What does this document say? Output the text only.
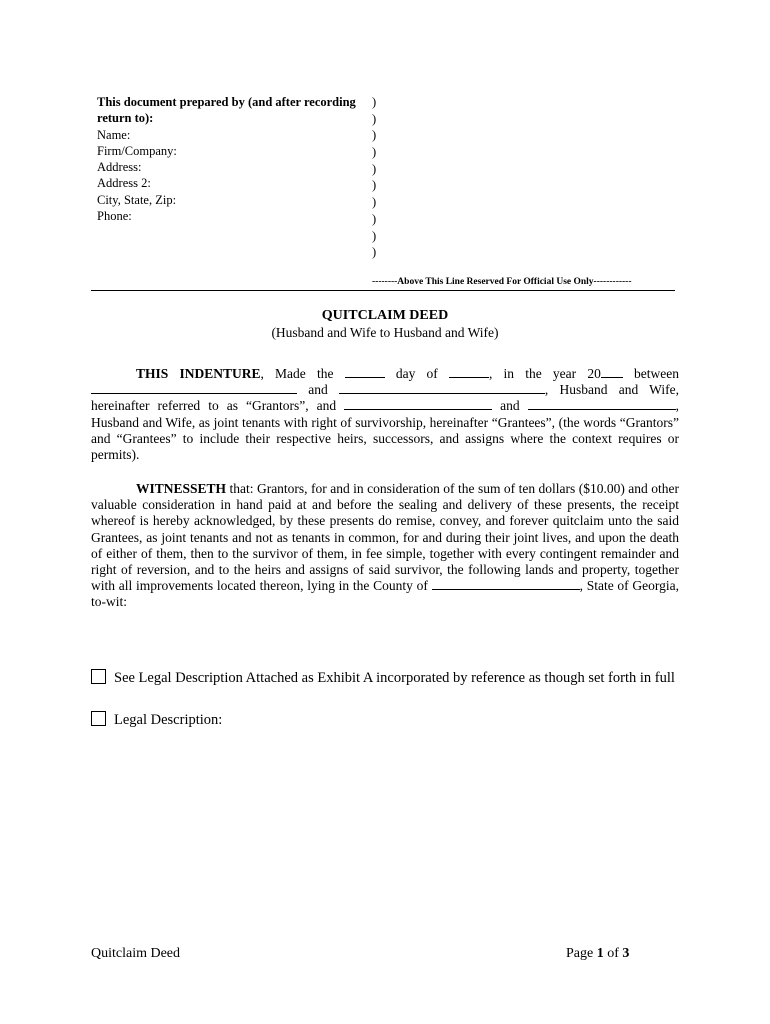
This document prepared by (and after recording
return to):
Name:
Firm/Company:
Address:
Address 2:
City, State, Zip:
Phone:
)
)
)
)
)
)
)
)
)
)
--------Above This Line Reserved For Official Use Only------------
QUITCLAIM DEED
(Husband and Wife to Husband and Wife)
THIS INDENTURE, Made the	day of	, in the year 20 between  and	, Husband and Wife, hereinafter referred to as “Grantors”, and	and	, Husband and Wife, as joint tenants with right of survivorship, hereinafter “Grantees”, (the words “Grantors” and “Grantees” to include their respective heirs, successors, and assigns where the context requires or permits).
WITNESSETH that: Grantors, for and in consideration of the sum of ten dollars ($10.00) and other valuable consideration in hand paid at and before the sealing and delivery of these presents, the receipt whereof is hereby acknowledged, by these presents do remise, convey, and forever quitclaim unto the said Grantees, as joint tenants and not as tenants in common, for and during their joint lives, and upon the death of either of them, then to the survivor of them, in fee simple, together with every contingent remainder and right of reversion, and to the heirs and assigns of said survivor, the following lands and property, together with all improvements located thereon, lying in the County of	, State of Georgia, to-wit:
See Legal Description Attached as Exhibit A incorporated by reference as though set forth in full
Legal Description:
Quitclaim Deed	Page 1 of 3
